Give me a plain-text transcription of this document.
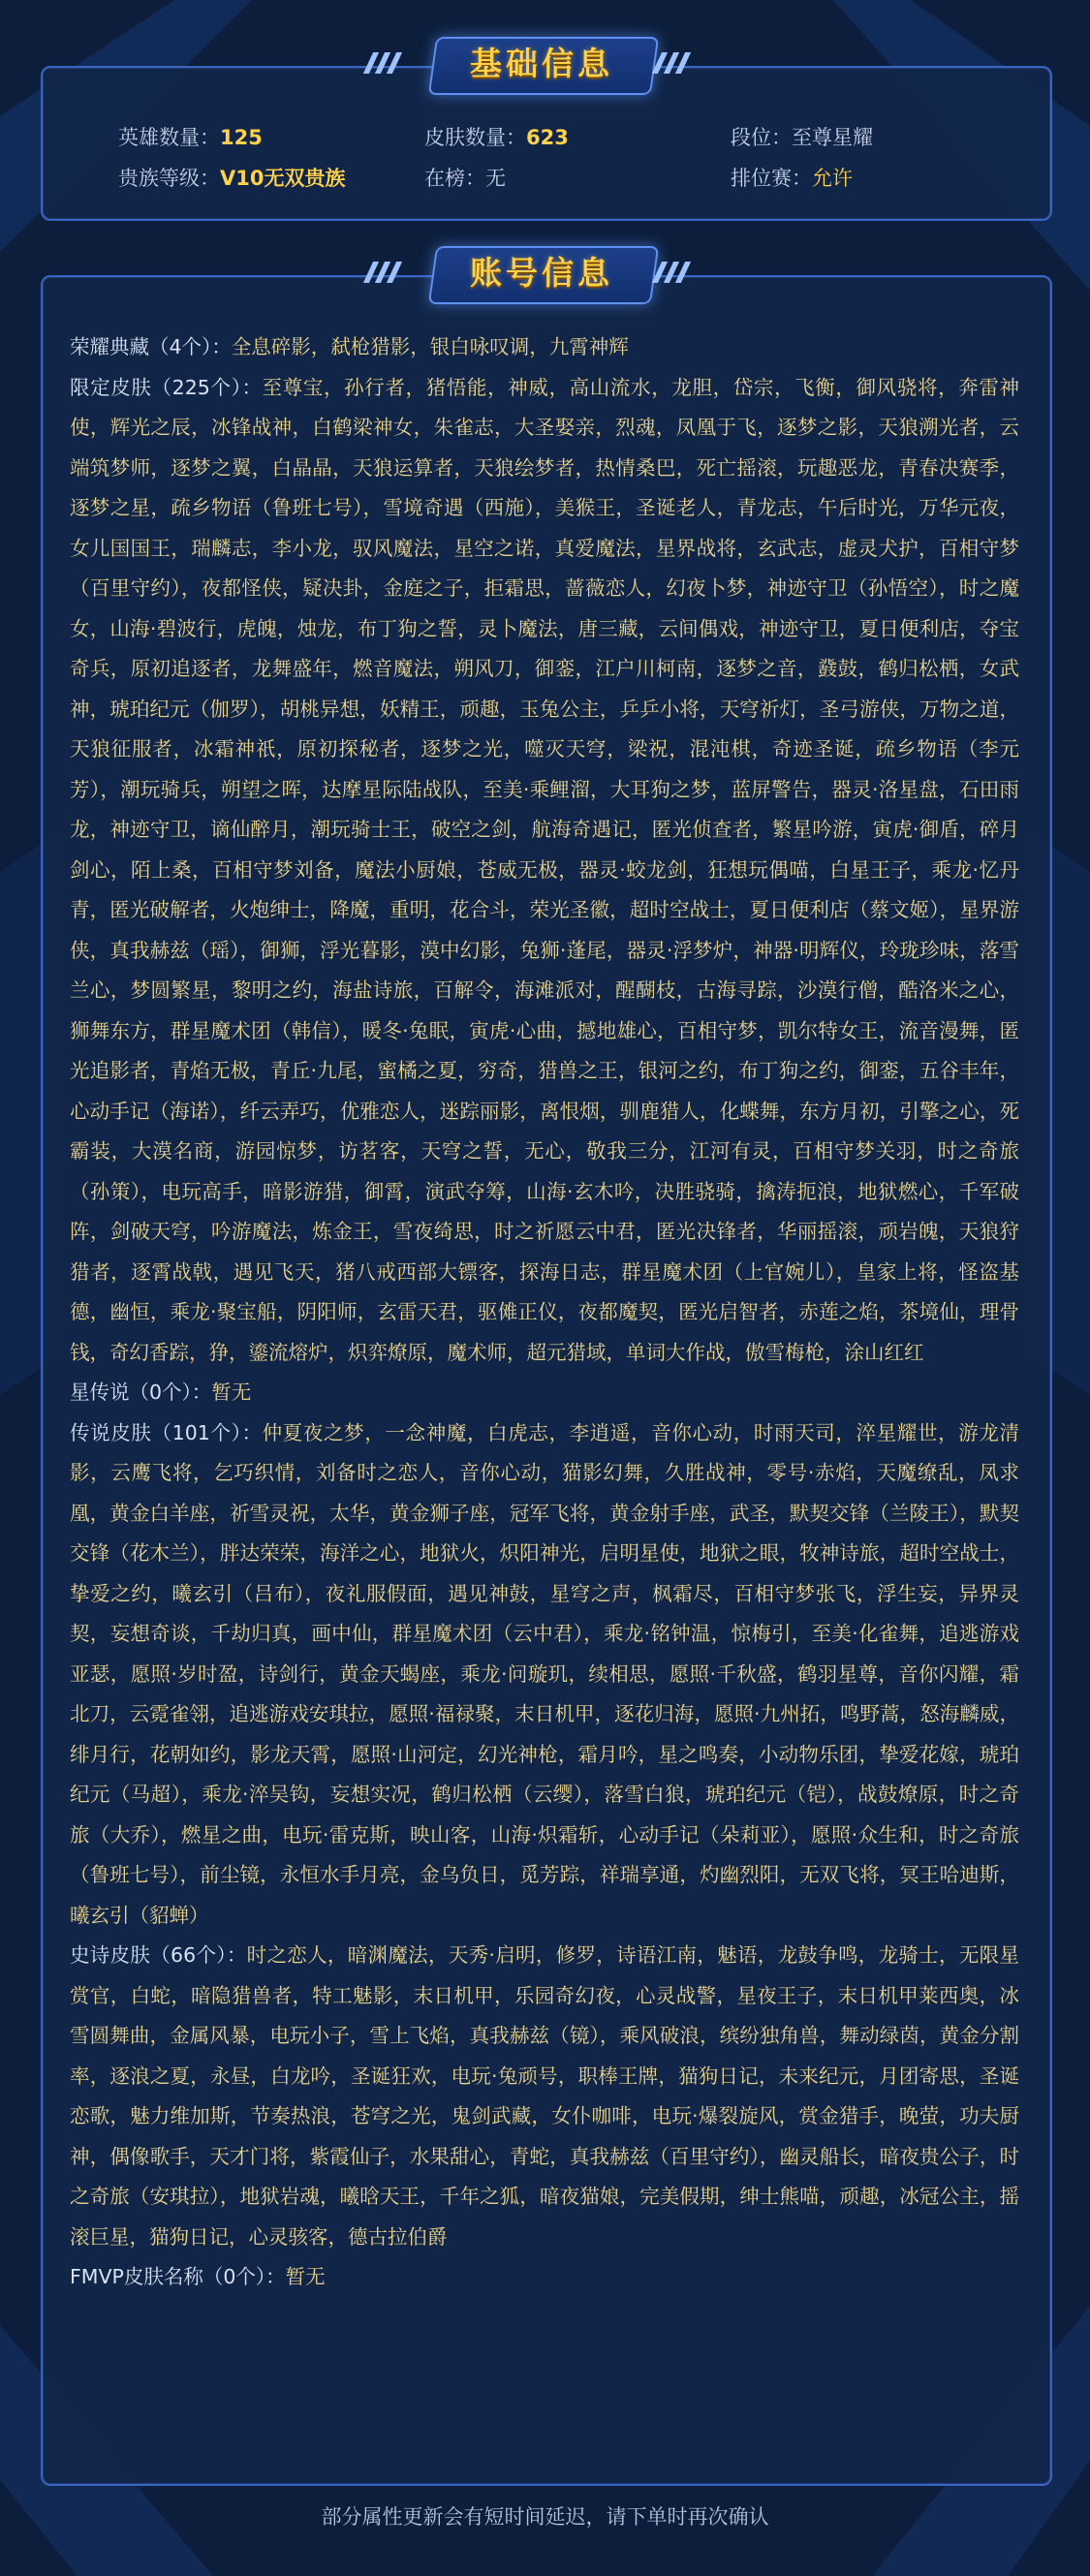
基础信息
英雄数量：125	皮肤数量：623	段位：至尊星耀
贵族等级：V10无双贵族	在榜：无	排位赛：允许
账号信息

荣耀典藏（4个）：全息碎影，弑枪猎影，银白咏叹调，九霄神辉

限定皮肤（225个）：至尊宝，孙行者，猪悟能，神威，高山流水，龙胆，岱宗，飞衡，御风骁将，奔雷神使，辉光之辰，冰锋战神，白鹤梁神女，朱雀志，大圣娶亲，烈魂，凤凰于飞，逐梦之影，天狼溯光者，云端筑梦师，逐梦之翼，白晶晶，天狼运算者，天狼绘梦者，热情桑巴，死亡摇滚，玩趣恶龙，青春决赛季，逐梦之星，疏乡物语（鲁班七号），雪境奇遇（西施），美猴王，圣诞老人，青龙志，午后时光，万华元夜，女儿国国王，瑞麟志，李小龙，驭风魔法，星空之诺，真爱魔法，星界战将，玄武志，虚灵犬护，百相守梦（百里守约），夜都怪侠，疑决卦，金庭之子，拒霜思，蔷薇恋人，幻夜卜梦，神迹守卫（孙悟空），时之魔女，山海·碧波行，虎魄，烛龙，布丁狗之誓，灵卜魔法，唐三藏，云间偶戏，神迹守卫，夏日便利店，夺宝奇兵，原初追逐者，龙舞盛年，燃音魔法，朔风刀，御銮，江户川柯南，逐梦之音，鼗鼓，鹤归松栖，女武神，琥珀纪元（伽罗），胡桃异想，妖精王，顽趣，玉兔公主，乒乒小将，天穹祈灯，圣弓游侠，万物之道，天狼征服者，冰霜神祇，原初探秘者，逐梦之光，噬灭天穹，梁祝，混沌棋，奇迹圣诞，疏乡物语（李元芳），潮玩骑兵，朔望之晖，达摩星际陆战队，至美·乘鲤溜，大耳狗之梦，蓝屏警告，器灵·洛星盘，石田雨龙，神迹守卫，谪仙醉月，潮玩骑士王，破空之剑，航海奇遇记，匿光侦查者，繁星吟游，寅虎·御盾，碎月剑心，陌上桑，百相守梦刘备，魔法小厨娘，苍威无极，器灵·蛟龙剑，狂想玩偶喵，白星王子，乘龙·忆丹青，匿光破解者，火炮绅士，降魔，重明，花合斗，荣光圣徽，超时空战士，夏日便利店（蔡文姬），星界游侠，真我赫兹（瑶），御狮，浮光暮影，漠中幻影，兔狮·蓬尾，器灵·浮梦炉，神器·明辉仪，玲珑珍味，落雪兰心，梦圆繁星，黎明之约，海盐诗旅，百解令，海滩派对，醒醐枝，古海寻踪，沙漠行僧，酷洛米之心，狮舞东方，群星魔术团（韩信），暖冬·兔眠，寅虎·心曲，撼地雄心，百相守梦，凯尔特女王，流音漫舞，匿光追影者，青焰无极，青丘·九尾，蜜橘之夏，穷奇，猎兽之王，银河之约，布丁狗之约，御銮，五谷丰年，心动手记（海诺），纤云弄巧，优雅恋人，迷踪丽影，离恨烟，驯鹿猎人，化蝶舞，东方月初，引擎之心，死霸装，大漠名商，游园惊梦，访茗客，天穹之誓，无心，敬我三分，江河有灵，百相守梦关羽，时之奇旅（孙策），电玩高手，暗影游猎，御霄，演武夺筹，山海·玄木吟，决胜骁骑，擒涛扼浪，地狱燃心，千军破阵，剑破天穹，吟游魔法，炼金王，雪夜绮思，时之祈愿云中君，匿光决锋者，华丽摇滚，顽岩魄，天狼狩猎者，逐霄战戟，遇见飞天，猪八戒西部大镖客，探海日志，群星魔术团（上官婉儿），皇家上将，怪盗基德，幽恒，乘龙·聚宝船，阴阳师，玄雷天君，驱傩正仪，夜都魔契，匿光启智者，赤莲之焰，茶境仙，理骨钱，奇幻香踪，狰，鎏流熔炉，炽弈燎原，魔术师，超元猎域，单词大作战，傲雪梅枪，涂山红红

星传说（0个）：暂无

传说皮肤（101个）：仲夏夜之梦，一念神魔，白虎志，李逍遥，音你心动，时雨天司，淬星耀世，游龙清影，云鹰飞将，乞巧织情，刘备时之恋人，音你心动，猫影幻舞，久胜战神，零号·赤焰，天魔缭乱，凤求凰，黄金白羊座，祈雪灵祝，太华，黄金狮子座，冠军飞将，黄金射手座，武圣，默契交锋（兰陵王），默契交锋（花木兰），胖达荣荣，海洋之心，地狱火，炽阳神光，启明星使，地狱之眼，牧神诗旅，超时空战士，挚爱之约，曦玄引（吕布），夜礼服假面，遇见神鼓，星穹之声，枫霜尽，百相守梦张飞，浮生妄，异界灵契，妄想奇谈，千劫归真，画中仙，群星魔术团（云中君），乘龙·铭钟温，惊梅引，至美·化雀舞，追逃游戏亚瑟，愿照·岁时盈，诗剑行，黄金天蝎座，乘龙·问璇玑，续相思，愿照·千秋盛，鹤羽星尊，音你闪耀，霜北刀，云霓雀翎，追逃游戏安琪拉，愿照·福禄聚，末日机甲，逐花归海，愿照·九州拓，鸣野蒿，怒海麟威，绯月行，花朝如约，影龙天霄，愿照·山河定，幻光神枪，霜月吟，星之鸣奏，小动物乐团，挚爱花嫁，琥珀纪元（马超），乘龙·淬吴钩，妄想实况，鹤归松栖（云缨），落雪白狼，琥珀纪元（铠），战鼓燎原，时之奇旅（大乔），燃星之曲，电玩·雷克斯，映山客，山海·炽霜斩，心动手记（朵莉亚），愿照·众生和，时之奇旅（鲁班七号），前尘镜，永恒水手月亮，金乌负日，觅芳踪，祥瑞享通，灼幽烈阳，无双飞将，冥王哈迪斯，曦玄引（貂蝉）

史诗皮肤（66个）：时之恋人，暗渊魔法，天秀·启明，修罗，诗语江南，魅语，龙鼓争鸣，龙骑士，无限星赏官，白蛇，暗隐猎兽者，特工魅影，末日机甲，乐园奇幻夜，心灵战警，星夜王子，末日机甲莱西奥，冰雪圆舞曲，金属风暴，电玩小子，雪上飞焰，真我赫兹（镜），乘风破浪，缤纷独角兽，舞动绿茵，黄金分割率，逐浪之夏，永昼，白龙吟，圣诞狂欢，电玩·兔顽号，职棒王牌，猫狗日记，未来纪元，月团寄思，圣诞恋歌，魅力维加斯，节奏热浪，苍穹之光，鬼剑武藏，女仆咖啡，电玩·爆裂旋风，赏金猎手，晚萤，功夫厨神，偶像歌手，天才门将，紫霞仙子，水果甜心，青蛇，真我赫兹（百里守约），幽灵船长，暗夜贵公子，时之奇旅（安琪拉），地狱岩魂，曦晗天王，千年之狐，暗夜猫娘，完美假期，绅士熊喵，顽趣，冰冠公主，摇滚巨星，猫狗日记，心灵骇客，德古拉伯爵

FMVP皮肤名称（0个）：暂无

部分属性更新会有短时间延迟，请下单时再次确认
